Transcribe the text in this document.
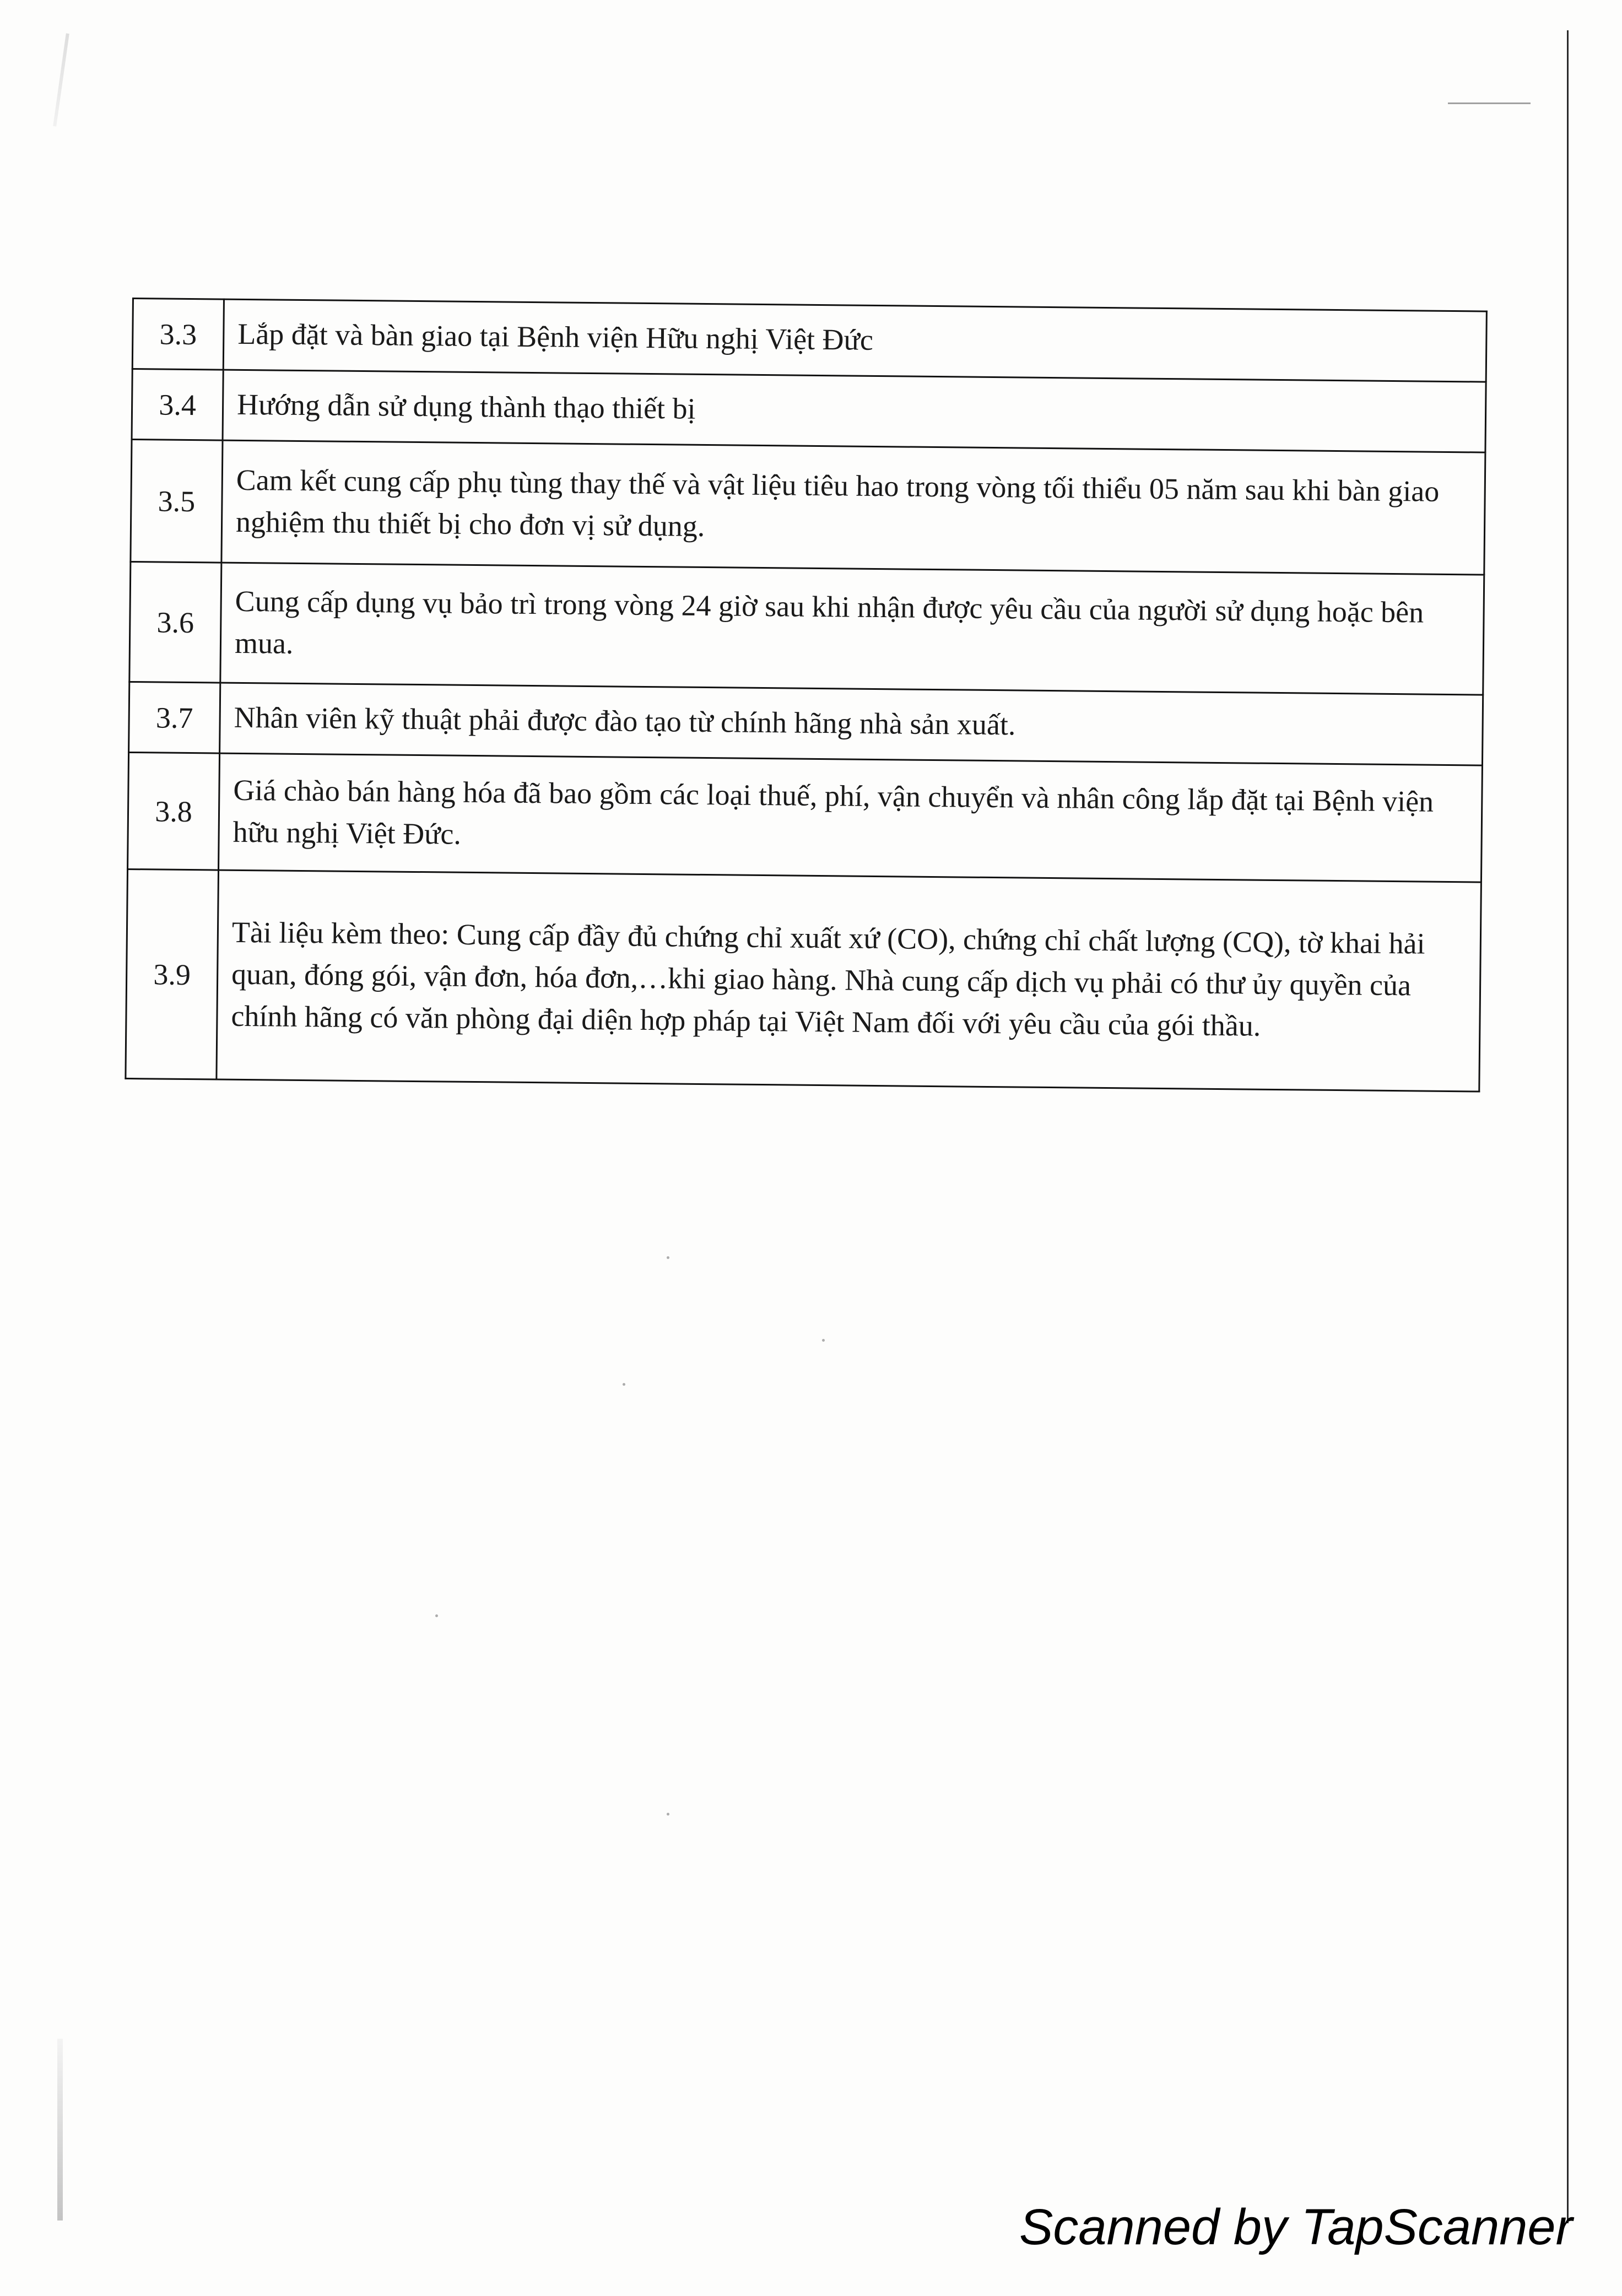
3.3	Lắp đặt và bàn giao tại Bệnh viện Hữu nghị Việt Đức
3.4	Hướng dẫn sử dụng thành thạo thiết bị
3.5	Cam kết cung cấp phụ tùng thay thế và vật liệu tiêu hao trong vòng tối thiểu 05 năm sau khi bàn giao nghiệm thu thiết bị cho đơn vị sử dụng.
3.6	Cung cấp dụng vụ bảo trì trong vòng 24 giờ sau khi nhận được yêu cầu của người sử dụng hoặc bên mua.
3.7	Nhân viên kỹ thuật phải được đào tạo từ chính hãng nhà sản xuất.
3.8	Giá chào bán hàng hóa đã bao gồm các loại thuế, phí, vận chuyển và nhân công lắp đặt tại Bệnh viện hữu nghị Việt Đức.
3.9	Tài liệu kèm theo: Cung cấp đầy đủ chứng chỉ xuất xứ (CO), chứng chỉ chất lượng (CQ), tờ khai hải quan, đóng gói, vận đơn, hóa đơn,…khi giao hàng. Nhà cung cấp dịch vụ phải có thư ủy quyền của chính hãng có văn phòng đại diện hợp pháp tại Việt Nam đối với yêu cầu của gói thầu.
Scanned by TapScanner
